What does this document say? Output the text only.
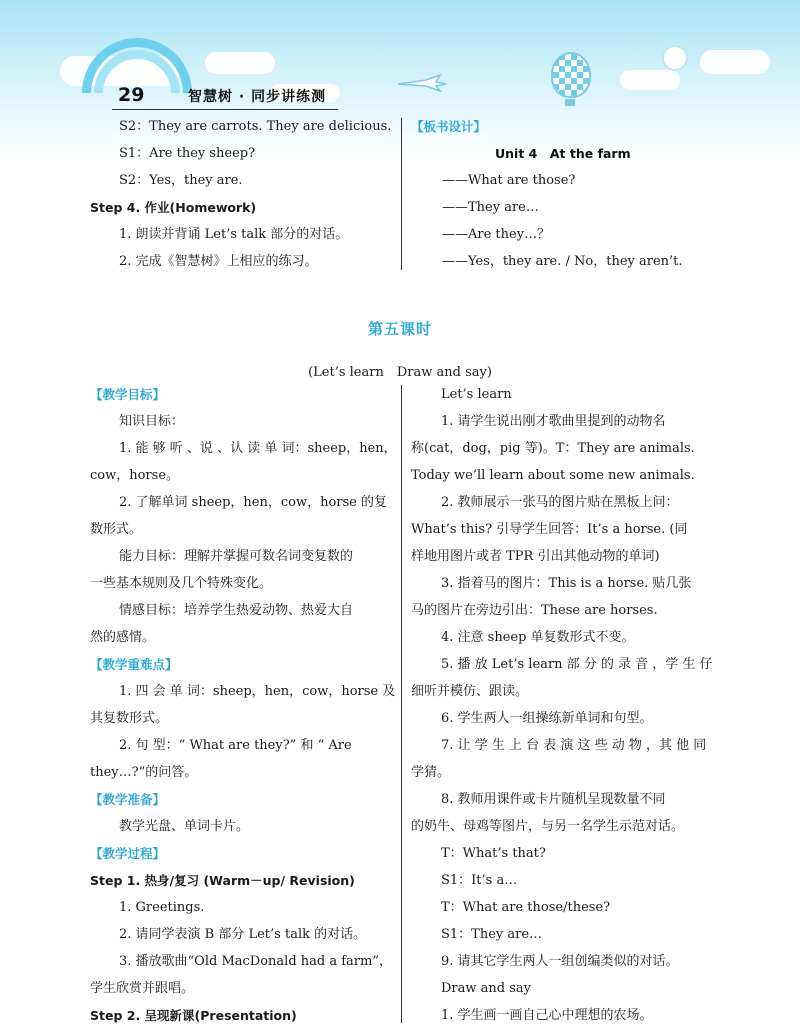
29	智慧树 · 同步讲练测
S2：They are carrots. They are delicious.
S1：Are they sheep?
S2：Yes，they are.
Step 4. 作业(Homework)
1. 朗读并背诵 Let’s talk 部分的对话。
2. 完成《智慧树》上相应的练习。
【板书设计】
Unit 4　At the farm
——What are those?
——They are…
——Are they…？
——Yes，they are. / No，they aren’t.
第五课时
(Let’s learn　Draw and say)
【教学目标】
知识目标：
1. 能 够 听 、说 、认 读 单 词：sheep，hen，
cow，horse。
2. 了解单词 sheep，hen，cow，horse 的复
数形式。
能力目标：理解并掌握可数名词变复数的
一些基本规则及几个特殊变化。
情感目标：培养学生热爱动物、热爱大自
然的感情。
【教学重难点】
1. 四 会 单 词：sheep，hen，cow，horse 及
其复数形式。
2. 句 型：“ What are they?” 和 “ Are
they…?”的问答。
【教学准备】
教学光盘、单词卡片。
【教学过程】
Step 1. 热身/复习 (Warm－up/ Revision)
1. Greetings.
2. 请同学表演 B 部分 Let’s talk 的对话。
3. 播放歌曲“Old MacDonald had a farm”，
学生欣赏并跟唱。
Step 2. 呈现新课(Presentation)
Let’s learn
1. 请学生说出刚才歌曲里提到的动物名
称(cat，dog，pig 等)。T：They are animals.
Today we’ll learn about some new animals.
2. 教师展示一张马的图片贴在黑板上问：
What’s this? 引导学生回答：It’s a horse. (同
样地用图片或者 TPR 引出其他动物的单词)
3. 指着马的图片：This is a horse. 贴几张
马的图片在旁边引出：These are horses.
4. 注意 sheep 单复数形式不变。
5. 播 放 Let’s learn 部 分 的 录 音 ，学 生 仔
细听并模仿、跟读。
6. 学生两人一组操练新单词和句型。
7. 让 学 生 上 台 表 演 这 些 动 物 ，其 他 同
学猜。
8. 教师用课件或卡片随机呈现数量不同
的奶牛、母鸡等图片，与另一名学生示范对话。
T：What’s that?
S1：It’s a…
T：What are those/these?
S1：They are…
9. 请其它学生两人一组创编类似的对话。
Draw and say
1. 学生画一画自己心中理想的农场。
